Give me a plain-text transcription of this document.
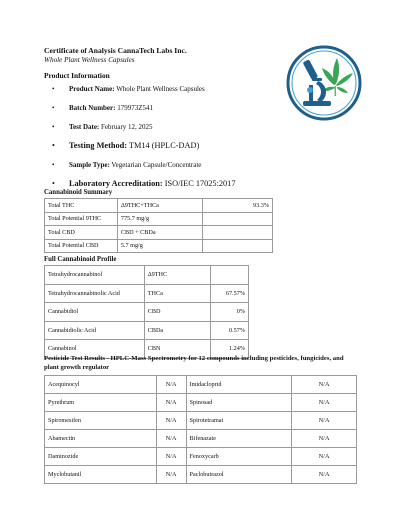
Certificate of Analysis CannaTech Labs Inc.
Whole Plant Wellness Capsules
Product Information
• Product Name: Whole Plant Wellness Capsules
• Batch Number: 179973Z541
• Test Date: February 12, 2025
• Testing Method: TM14 (HPLC-DAD)
• Sample Type: Vegetarian Capsule/Concentrate
• Laboratory Accreditation: ISO/IEC 17025:2017
Cannabinoid Summary
Total THC	Δ9THC+THCa	93.3%
Total Potential 9THC	775.7 mg/g	
Total CBD	CBD + CBDa	
Total Potential CBD	5.7 mg/g	
Full Cannabinoid Profile
Tetrahydrocannabinol	Δ9THC	
Tetrahydrocannabinolic Acid	THCa	67.57%
Cannabidiol	CBD	0%
Cannabidiolic Acid	CBDa	0.57%
Cannabinol	CBN	1.24%
Pesticide Test Results - HPLC-Mass Spectrometry for 12 compounds including pesticides, fungicides, and plant growth regulator
Acequinocyl	N/A	Imidacloprid	N/A
Pyrethrum	N/A	Spinosad	N/A
Spiromesifen	N/A	Spirotetramat	N/A
Abamectin	N/A	Bifenazate	N/A
Daminozide	N/A	Fenoxycarb	N/A
Myclobutanil	N/A	Paclobutrazol	N/A
